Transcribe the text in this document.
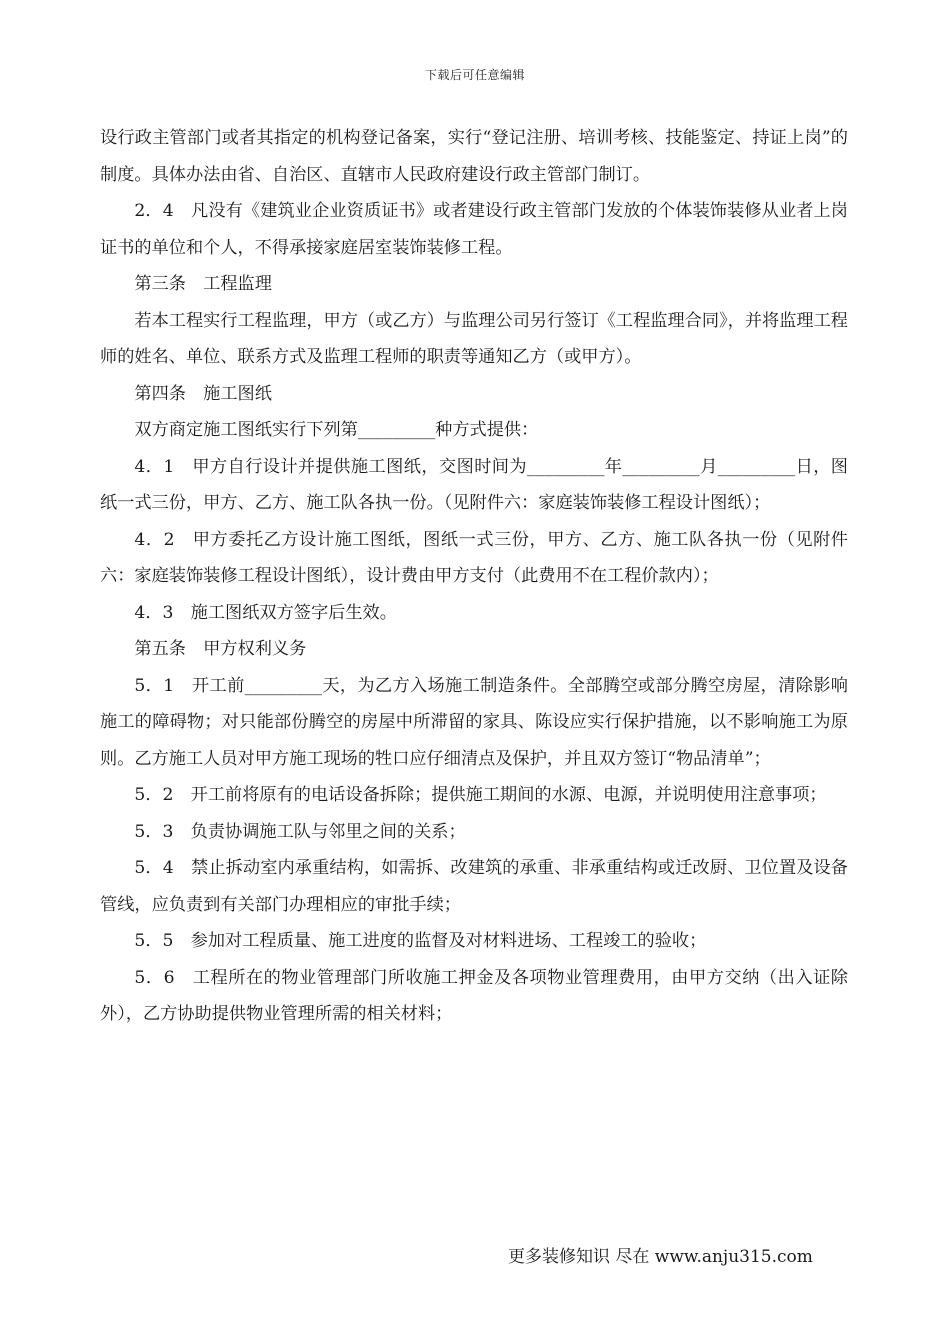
下载后可任意编辑

设行政主管部门或者其指定的机构登记备案，实行“登记注册、培训考核、技能鉴定、持证上岗”的制度。具体办法由省、自治区、直辖市人民政府建设行政主管部门制订。

2．4　凡没有《建筑业企业资质证书》或者建设行政主管部门发放的个体装饰装修从业者上岗证书的单位和个人，不得承接家庭居室装饰装修工程。

第三条　工程监理

若本工程实行工程监理，甲方（或乙方）与监理公司另行签订《工程监理合同》，并将监理工程师的姓名、单位、联系方式及监理工程师的职责等通知乙方（或甲方）。

第四条　施工图纸

双方商定施工图纸实行下列第_________种方式提供：

4．1　甲方自行设计并提供施工图纸，交图时间为_________年_________月_________日，图纸一式三份，甲方、乙方、施工队各执一份。（见附件六：家庭装饰装修工程设计图纸）；

4．2　甲方委托乙方设计施工图纸，图纸一式三份，甲方、乙方、施工队各执一份（见附件六：家庭装饰装修工程设计图纸），设计费由甲方支付（此费用不在工程价款内）；

4．3　施工图纸双方签字后生效。

第五条　甲方权利义务

5．1　开工前_________天，为乙方入场施工制造条件。全部腾空或部分腾空房屋，清除影响施工的障碍物；对只能部份腾空的房屋中所滞留的家具、陈设应实行保护措施，以不影响施工为原则。乙方施工人员对甲方施工现场的牲口应仔细清点及保护，并且双方签订“物品清单”；

5．2　开工前将原有的电话设备拆除；提供施工期间的水源、电源，并说明使用注意事项；

5．3　负责协调施工队与邻里之间的关系；

5．4　禁止拆动室内承重结构，如需拆、改建筑的承重、非承重结构或迁改厨、卫位置及设备管线，应负责到有关部门办理相应的审批手续；

5．5　参加对工程质量、施工进度的监督及对材料进场、工程竣工的验收；

5．6　工程所在的物业管理部门所收施工押金及各项物业管理费用，由甲方交纳（出入证除外），乙方协助提供物业管理所需的相关材料；

更多装修知识 尽在 www.anju315.com
